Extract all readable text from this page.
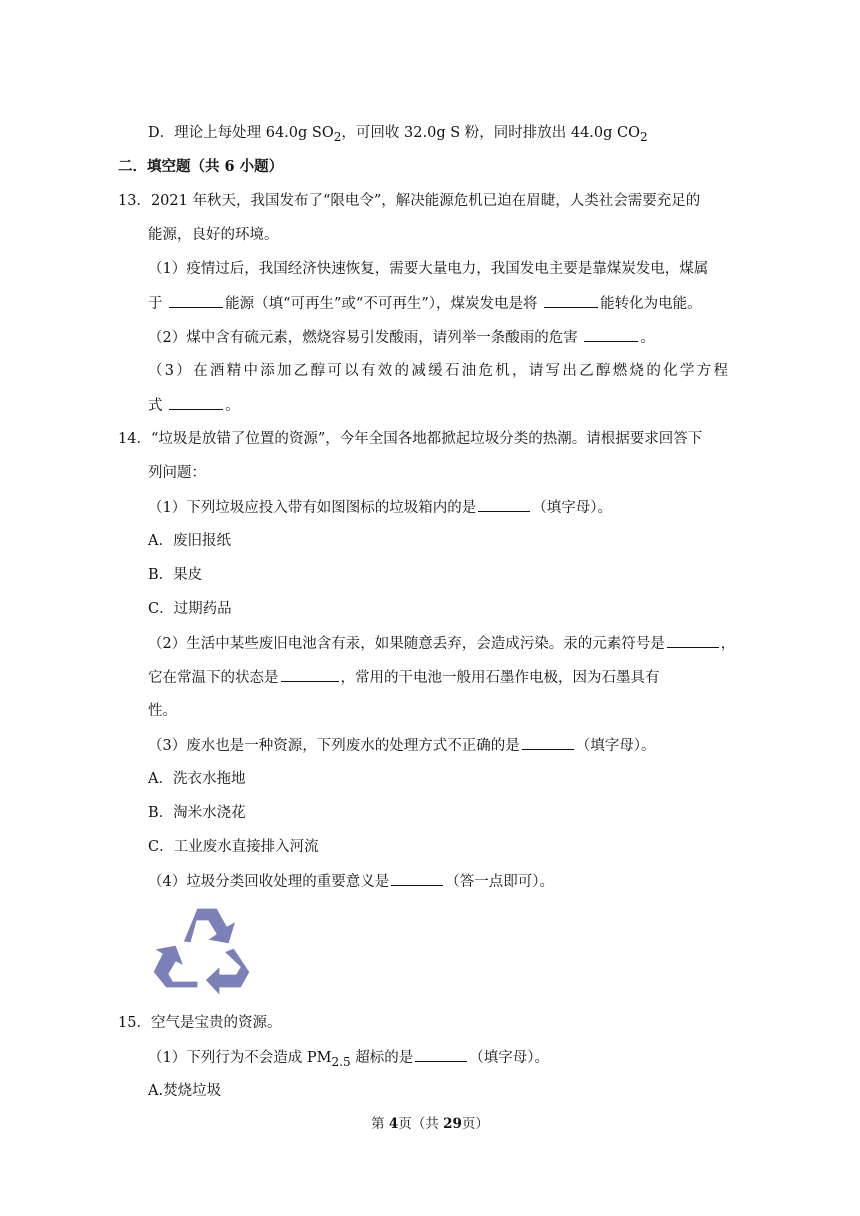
D．理论上每处理 64.0g $SO_2$，可回收 32.0g S 粉，同时排放出 44.0g $CO_2$
二．填空题（共 6 小题）
13．2021 年秋天，我国发布了“限电令”，解决能源危机已迫在眉睫，人类社会需要充足的
能源，良好的环境。
（1）疫情过后，我国经济快速恢复，需要大量电力，我国发电主要是靠煤炭发电，煤属
于	能源（填“可再生”或“不可再生”），煤炭发电是将	能转化为电能。
（2）煤中含有硫元素，燃烧容易引发酸雨，请列举一条酸雨的危害	。
（3）在酒精中添加乙醇可以有效的减缓石油危机，请写出乙醇燃烧的化学方程
式	。
14．“垃圾是放错了位置的资源”，今年全国各地都掀起垃圾分类的热潮。请根据要求回答下
列问题：
（1）下列垃圾应投入带有如图图标的垃圾箱内的是	（填字母）。
A．废旧报纸
B．果皮
C．过期药品
（2）生活中某些废旧电池含有汞，如果随意丢弃，会造成污染。汞的元素符号是	，
它在常温下的状态是	，常用的干电池一般用石墨作电极，因为石墨具有
性。
（3）废水也是一种资源，下列废水的处理方式不正确的是	（填字母）。
A．洗衣水拖地
B．淘米水浇花
C．工业废水直接排入河流
（4）垃圾分类回收处理的重要意义是	（答一点即可）。
15．空气是宝贵的资源。
（1）下列行为不会造成 $PM_{2.5}$ 超标的是	（填字母）。
A.焚烧垃圾
第 4页（共 29页）
